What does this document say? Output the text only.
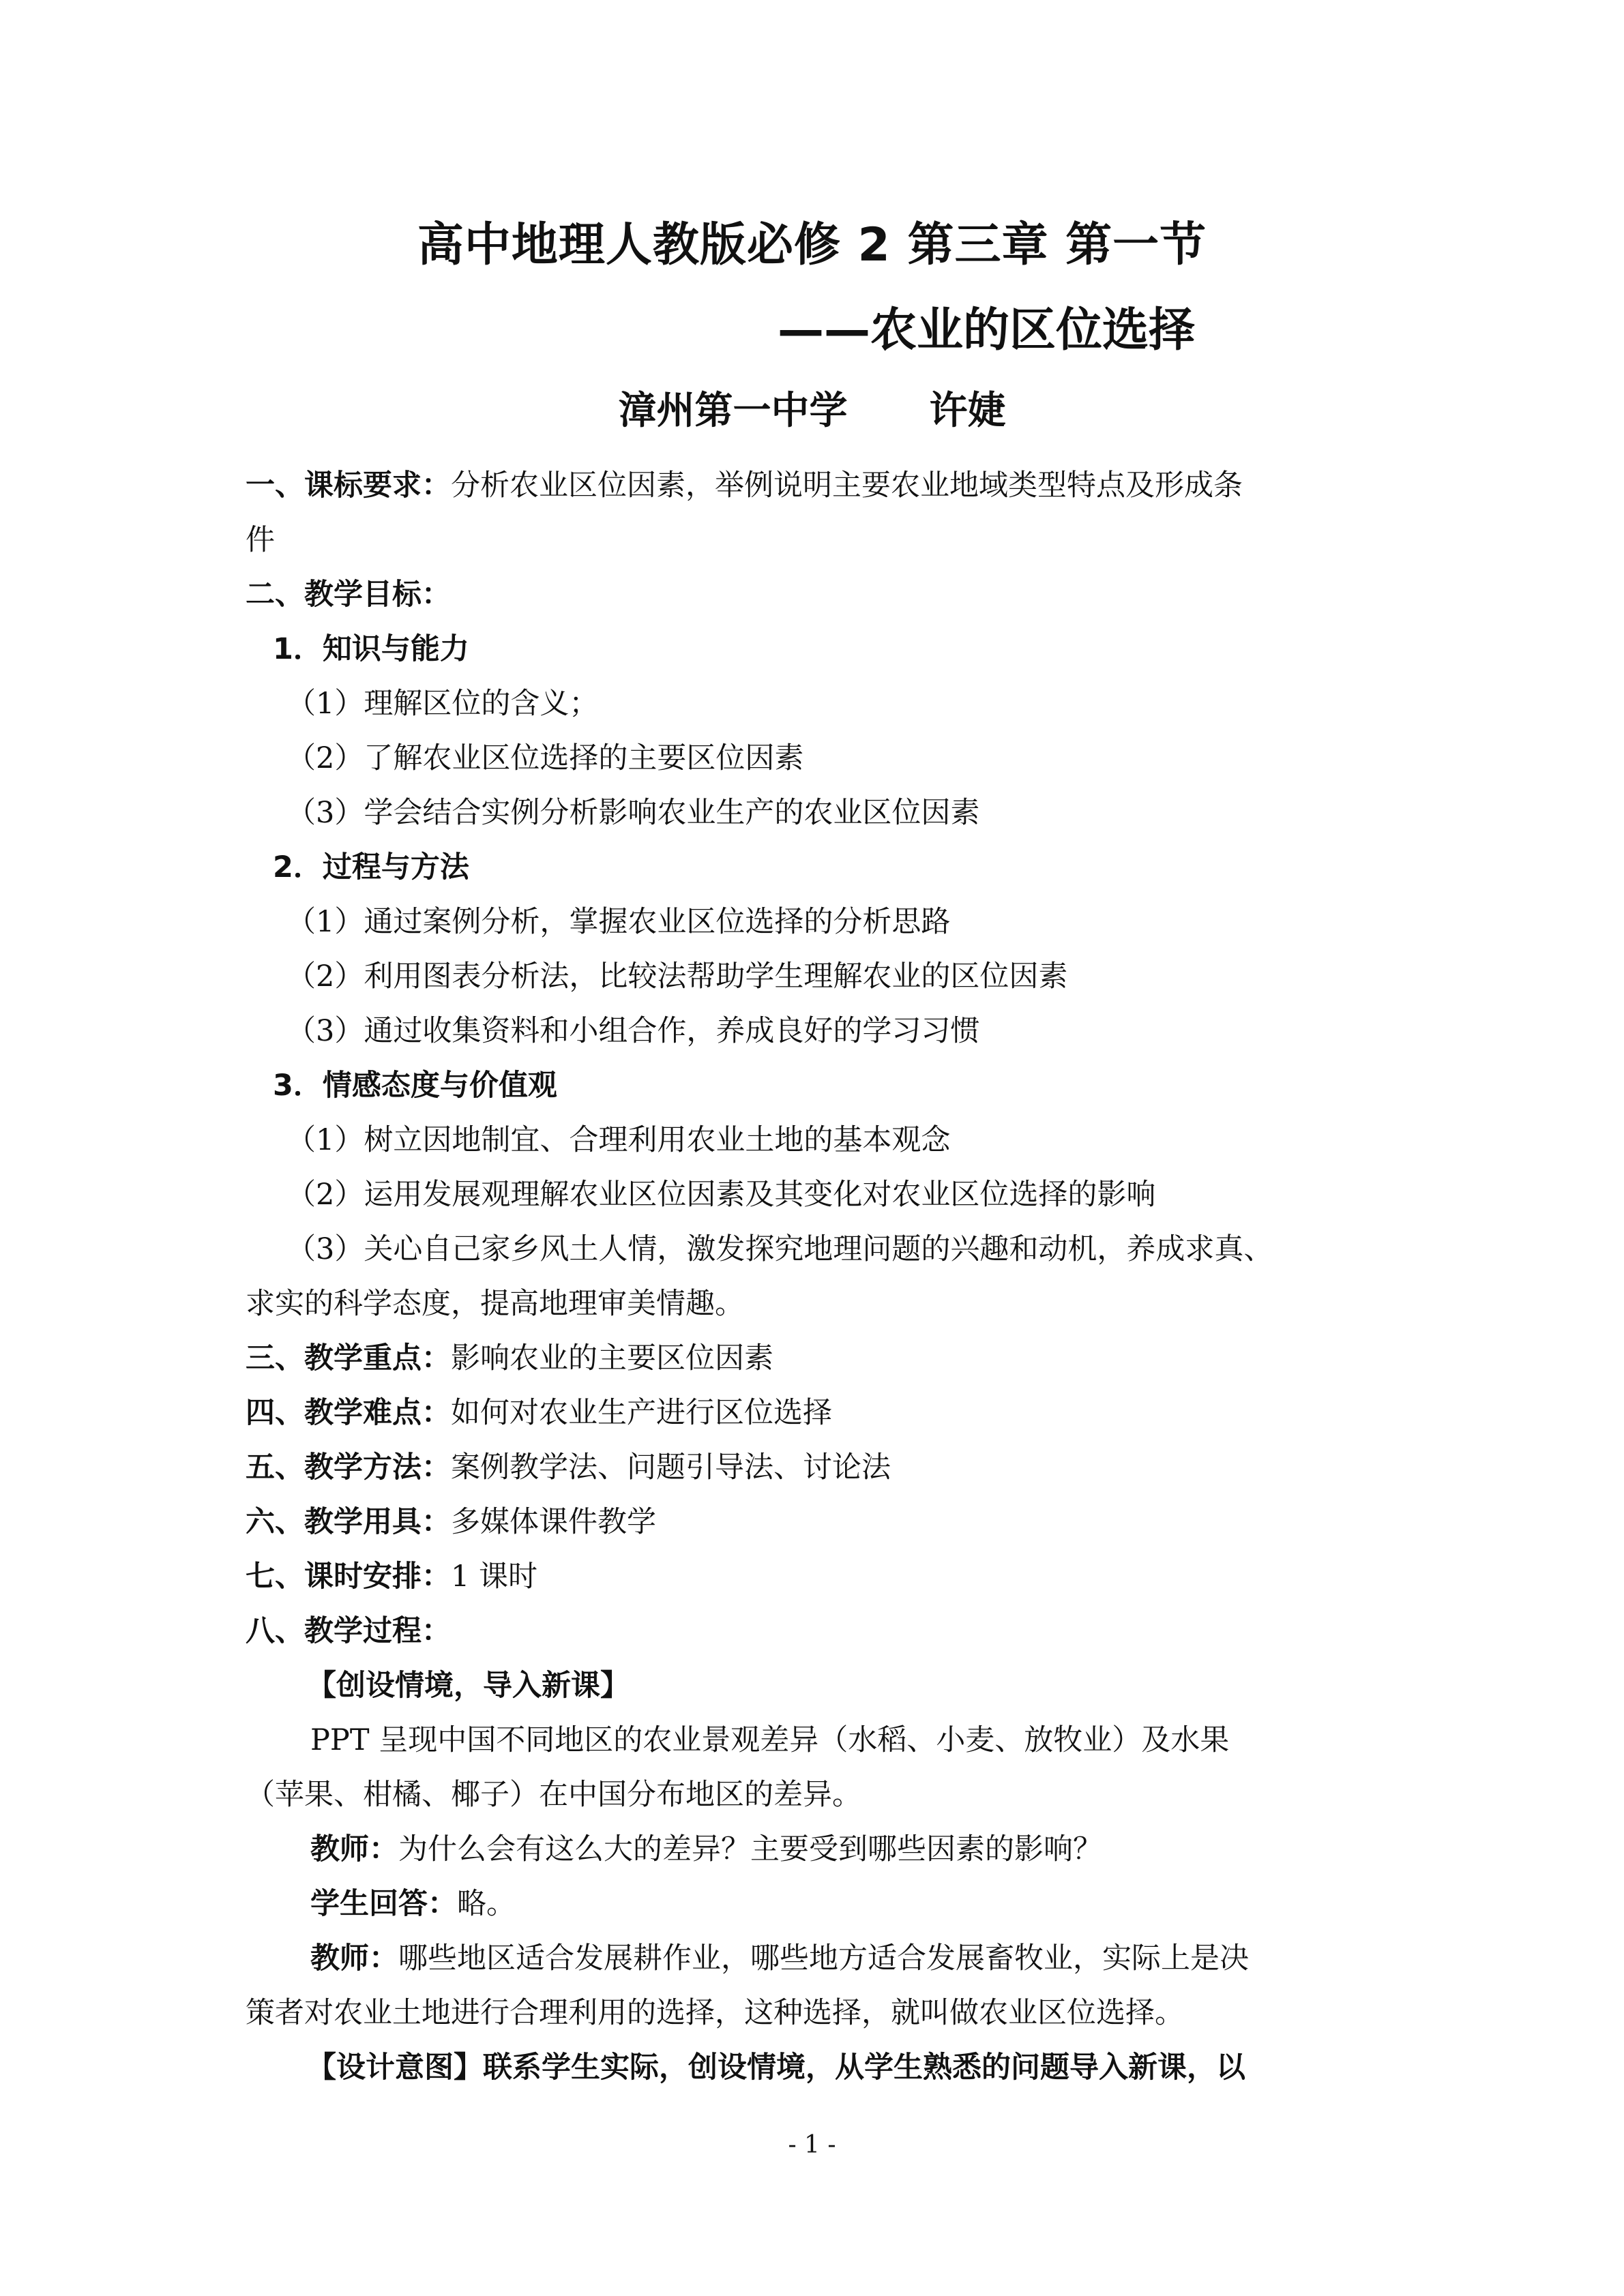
高中地理人教版必修 2 第三章 第一节
——农业的区位选择
漳州第一中学 许婕
一、课标要求：分析农业区位因素，举例说明主要农业地域类型特点及形成条
件
二、教学目标：
1．知识与能力
（1）理解区位的含义；
（2）了解农业区位选择的主要区位因素
（3）学会结合实例分析影响农业生产的农业区位因素
2．过程与方法
（1）通过案例分析，掌握农业区位选择的分析思路
（2）利用图表分析法，比较法帮助学生理解农业的区位因素
（3）通过收集资料和小组合作，养成良好的学习习惯
3．情感态度与价值观
（1）树立因地制宜、合理利用农业土地的基本观念
（2）运用发展观理解农业区位因素及其变化对农业区位选择的影响
（3）关心自己家乡风土人情，激发探究地理问题的兴趣和动机，养成求真、
求实的科学态度，提高地理审美情趣。
三、教学重点：影响农业的主要区位因素
四、教学难点：如何对农业生产进行区位选择
五、教学方法：案例教学法、问题引导法、讨论法
六、教学用具：多媒体课件教学
七、课时安排：1 课时
八、教学过程：
【创设情境，导入新课】
PPT 呈现中国不同地区的农业景观差异（水稻、小麦、放牧业）及水果
（苹果、柑橘、椰子）在中国分布地区的差异。
教师：为什么会有这么大的差异？主要受到哪些因素的影响？
学生回答：略。
教师：哪些地区适合发展耕作业，哪些地方适合发展畜牧业，实际上是决
策者对农业土地进行合理利用的选择，这种选择，就叫做农业区位选择。
【设计意图】联系学生实际，创设情境，从学生熟悉的问题导入新课，以
- 1 -
